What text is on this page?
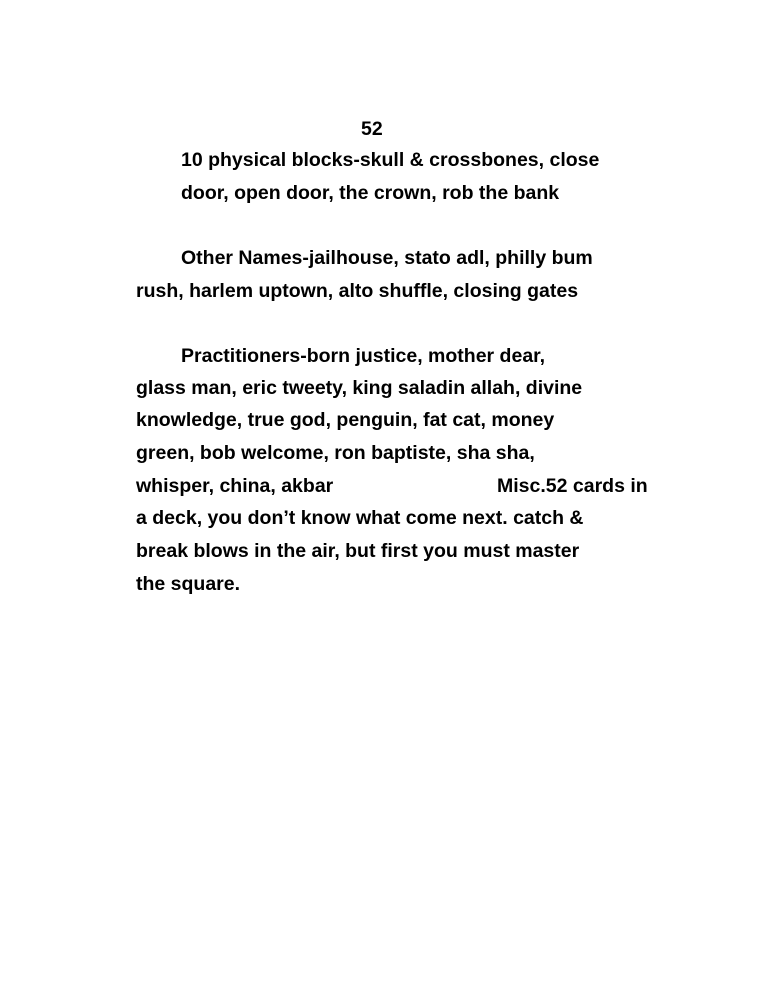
52

10 physical blocks-skull & crossbones, close

door, open door, the crown, rob the bank

Other Names-jailhouse, stato adl, philly bum

rush, harlem uptown, alto shuffle, closing gates

Practitioners-born justice, mother dear,

glass man, eric tweety, king saladin allah, divine

knowledge, true god, penguin, fat cat, money

green, bob welcome, ron baptiste, sha sha,

whisper, china, akbar	Misc.52 cards in

a deck, you don’t know what come next. catch &

break blows in the air, but first you must master

the square.
